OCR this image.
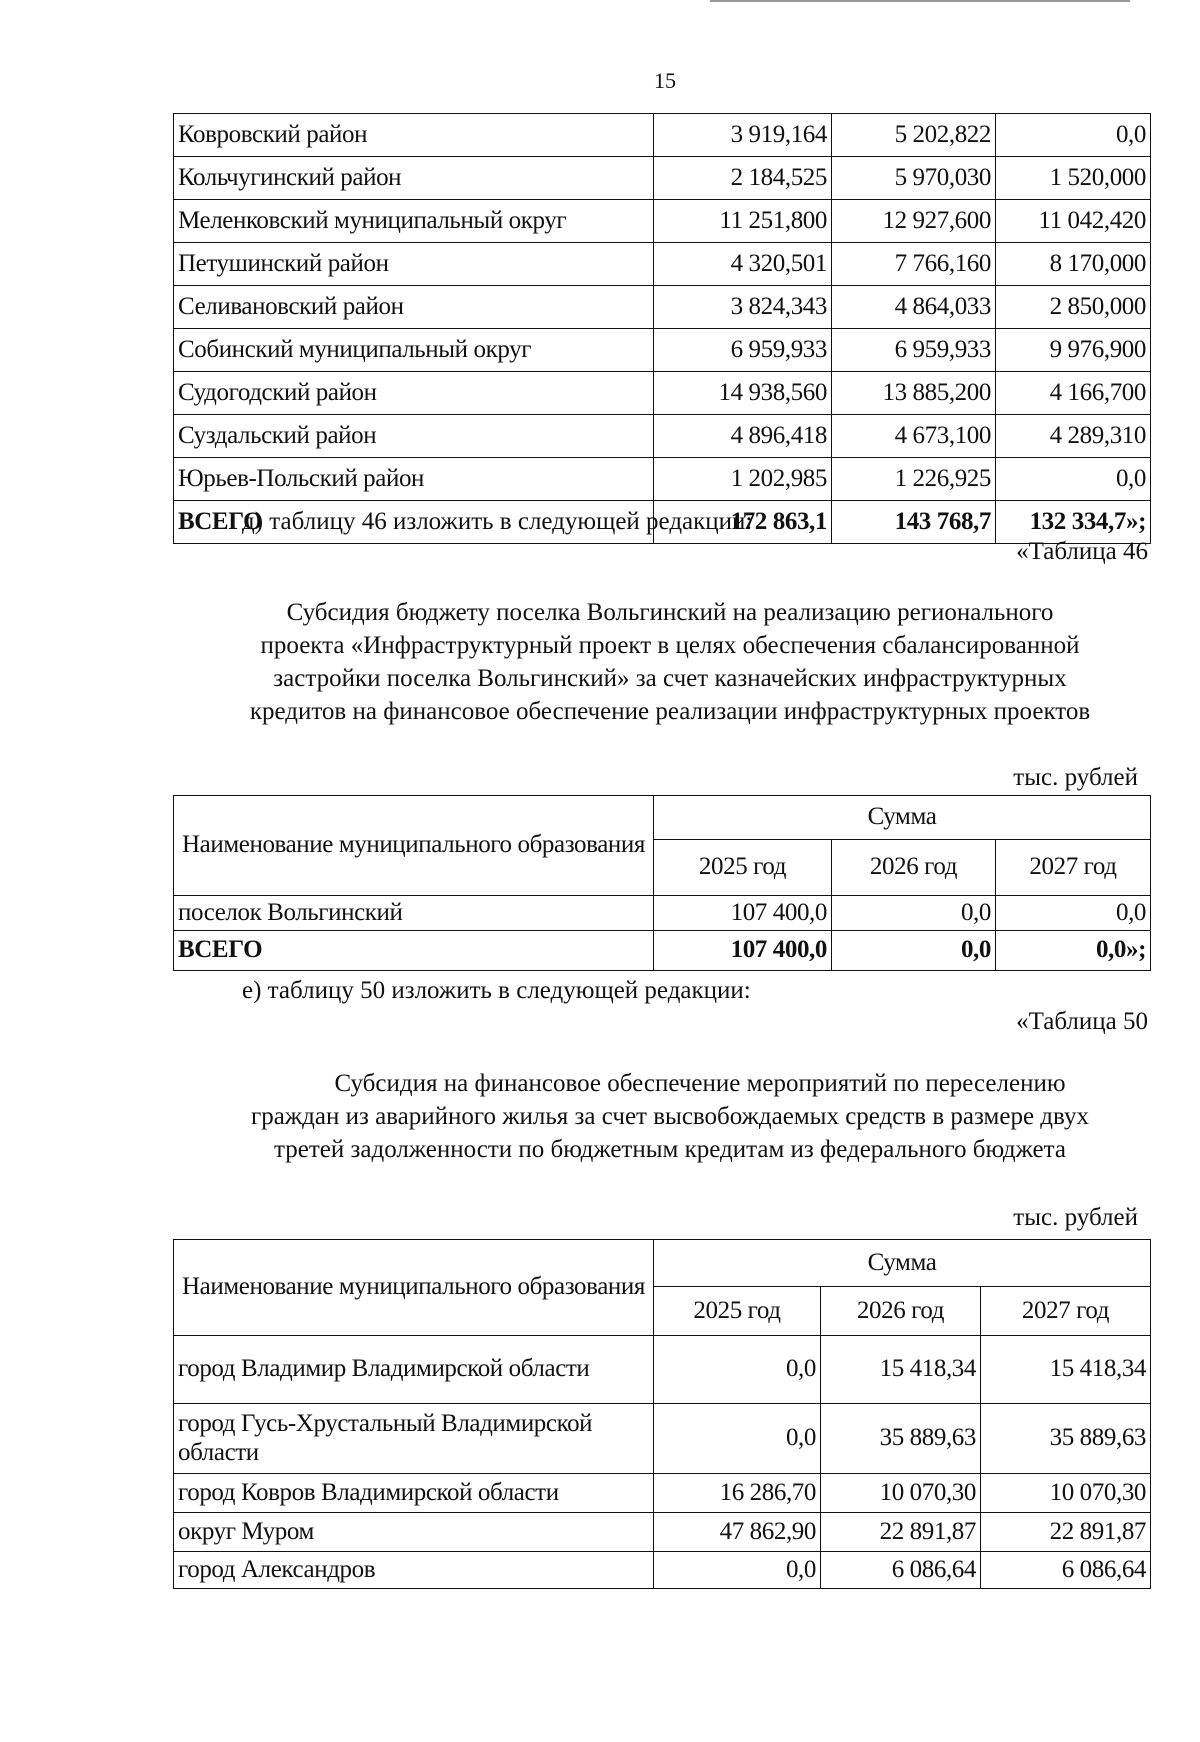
15
Ковровский район	3 919,164	5 202,822	0,0
Кольчугинский район	2 184,525	5 970,030	1 520,000
Меленковский муниципальный округ	11 251,800	12 927,600	11 042,420
Петушинский район	4 320,501	7 766,160	8 170,000
Селивановский район	3 824,343	4 864,033	2 850,000
Собинский муниципальный округ	6 959,933	6 959,933	9 976,900
Судогодский район	14 938,560	13 885,200	4 166,700
Суздальский район	4 896,418	4 673,100	4 289,310
Юрьев-Польский район	1 202,985	1 226,925	0,0
ВСЕГО	172 863,1	143 768,7	132 334,7»;
д) таблицу 46 изложить в следующей редакции:
«Таблица 46
Субсидия бюджету поселка Вольгинский на реализацию регионального
проекта «Инфраструктурный проект в целях обеспечения сбалансированной
застройки поселка Вольгинский» за счет казначейских инфраструктурных
кредитов на финансовое обеспечение реализации инфраструктурных проектов
тыс. рублей
Наименование муниципального образования	Сумма		
	2025 год	2026 год	2027 год
поселок Вольгинский	107 400,0	0,0	0,0
ВСЕГО	107 400,0	0,0	0,0»;
е) таблицу 50 изложить в следующей редакции:
«Таблица 50
Субсидия на финансовое обеспечение мероприятий по переселению
граждан из аварийного жилья за счет высвобождаемых средств в размере двух
третей задолженности по бюджетным кредитам из федерального бюджета
тыс. рублей
Наименование муниципального образования	Сумма		
	2025 год	2026 год	2027 год
город Владимир Владимирской области	0,0	15 418,34	15 418,34
город Гусь-Хрустальный Владимирской области	0,0	35 889,63	35 889,63
город Ковров Владимирской области	16 286,70	10 070,30	10 070,30
округ Муром	47 862,90	22 891,87	22 891,87
город Александров	0,0	6 086,64	6 086,64
